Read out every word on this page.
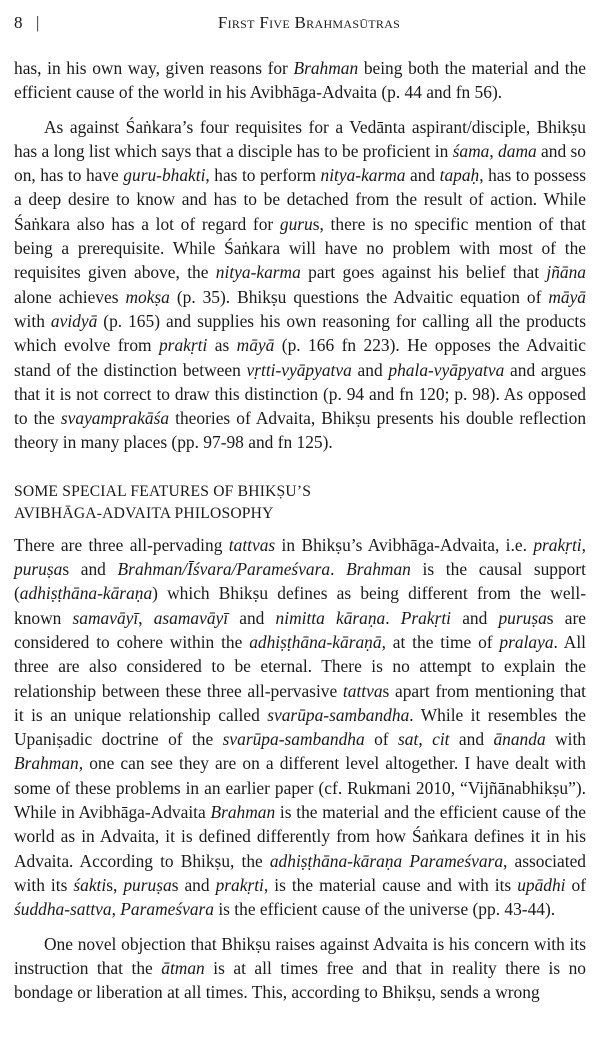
8 |	First Five Brahmasūtras

has, in his own way, given reasons for Brahman being both the material and the efficient cause of the world in his Avibhāga-Advaita (p. 44 and fn 56).

As against Śaṅkara’s four requisites for a Vedānta aspirant/disciple, Bhikṣu has a long list which says that a disciple has to be proficient in śama, dama and so on, has to have guru-bhakti, has to perform nitya-karma and tapaḥ, has to possess a deep desire to know and has to be detached from the result of action. While Śaṅkara also has a lot of regard for gurus, there is no specific mention of that being a prerequisite. While Śaṅkara will have no problem with most of the requisites given above, the nitya-karma part goes against his belief that jñāna alone achieves mokṣa (p. 35). Bhikṣu questions the Advaitic equation of māyā with avidyā (p. 165) and supplies his own reasoning for calling all the products which evolve from prakṛti as māyā (p. 166 fn 223). He opposes the Advaitic stand of the distinction between vṛtti-vyāpyatva and phala-vyāpyatva and argues that it is not correct to draw this distinction (p. 94 and fn 120; p. 98). As opposed to the svayamprakāśa theories of Advaita, Bhikṣu presents his double reflection theory in many places (pp. 97-98 and fn 125).

SOME SPECIAL FEATURES OF BHIKṢU’S
AVIBHĀGA-ADVAITA PHILOSOPHY

There are three all-pervading tattvas in Bhikṣu’s Avibhāga-Advaita, i.e. prakṛti, puruṣas and Brahman/Īśvara/Parameśvara. Brahman is the causal support (adhiṣṭhāna-kāraṇa) which Bhikṣu defines as being different from the well-known samavāyī, asamavāyī and nimitta kāraṇa. Prakṛti and puruṣas are considered to cohere within the adhiṣṭhāna-kāraṇā, at the time of pralaya. All three are also considered to be eternal. There is no attempt to explain the relationship between these three all-pervasive tattvas apart from mentioning that it is an unique relationship called svarūpa-sambandha. While it resembles the Upaniṣadic doctrine of the svarūpa-sambandha of sat, cit and ānanda with Brahman, one can see they are on a different level altogether. I have dealt with some of these problems in an earlier paper (cf. Rukmani 2010, “Vijñānabhikṣu”). While in Avibhāga-Advaita Brahman is the material and the efficient cause of the world as in Advaita, it is defined differently from how Śaṅkara defines it in his Advaita. According to Bhikṣu, the adhiṣṭhāna-kāraṇa Parameśvara, associated with its śaktis, puruṣas and prakṛti, is the material cause and with its upādhi of śuddha-sattva, Parameśvara is the efficient cause of the universe (pp. 43-44).

One novel objection that Bhikṣu raises against Advaita is his concern with its instruction that the ātman is at all times free and that in reality there is no bondage or liberation at all times. This, according to Bhikṣu, sends a wrong
